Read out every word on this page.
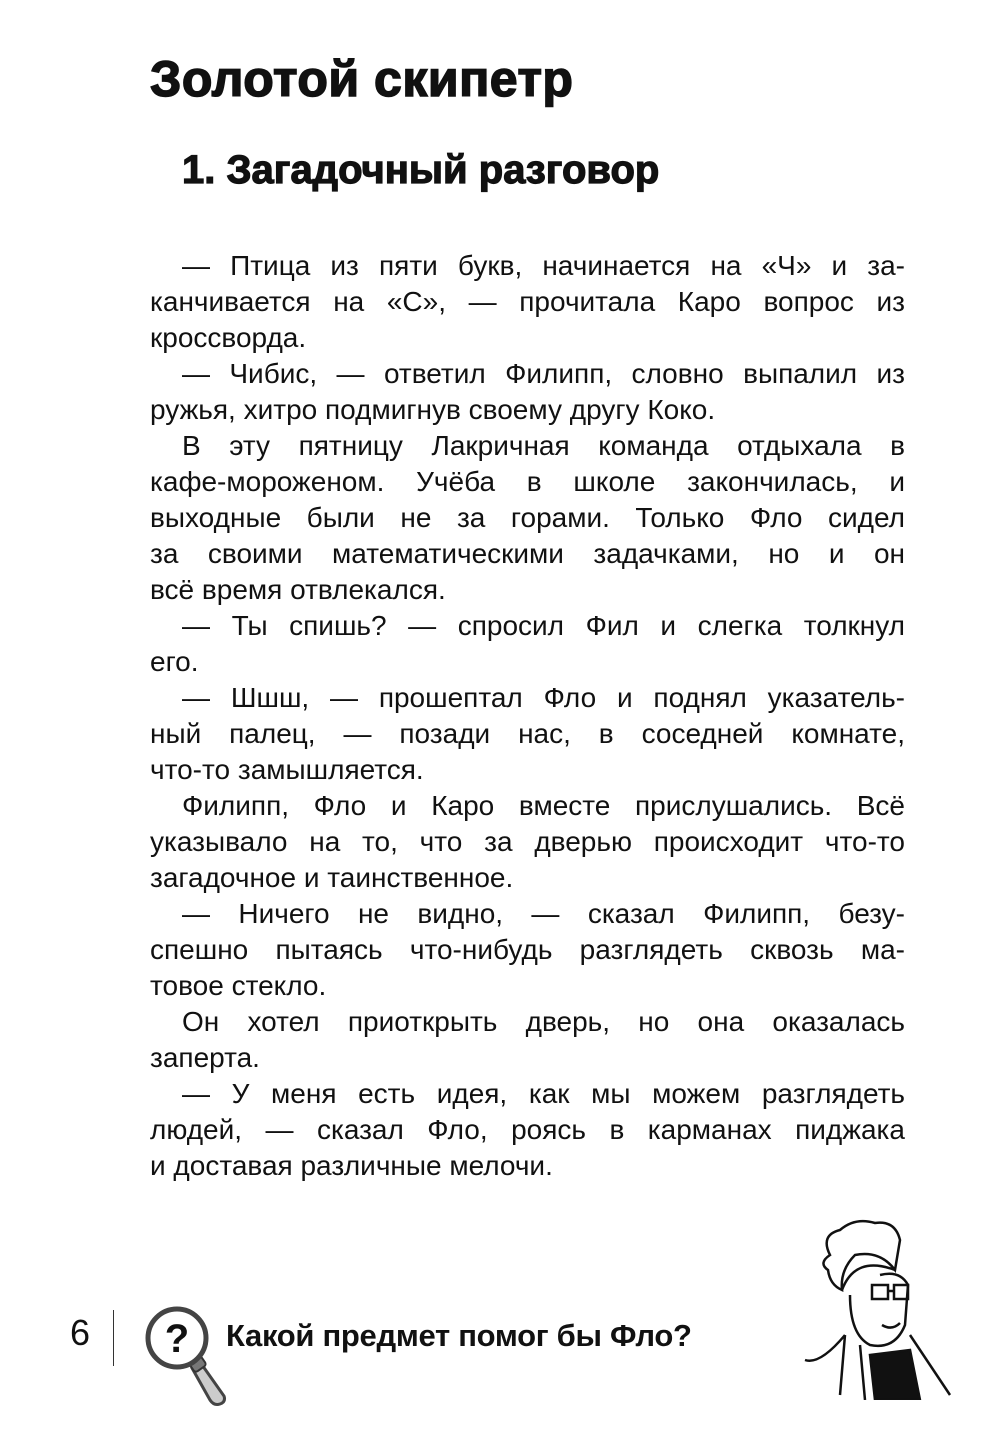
Золотой скипетр
1. Загадочный разговор
— Птица из пяти букв, начинается на «Ч» и за-
канчивается на «С», — прочитала Каро вопрос из
кроссворда.
— Чибис, — ответил Филипп, словно выпалил из
ружья, хитро подмигнув своему другу Коко.
В эту пятницу Лакричная команда отдыхала в
кафе-мороженом. Учёба в школе закончилась, и
выходные были не за горами. Только Фло сидел
за своими математическими задачками, но и он
всё время отвлекался.
— Ты спишь? — спросил Фил и слегка толкнул
его.
— Шшш, — прошептал Фло и поднял указатель-
ный палец, — позади нас, в соседней комнате,
что-то замышляется.
Филипп, Фло и Каро вместе прислушались. Всё
указывало на то, что за дверью происходит что-то
загадочное и таинственное.
— Ничего не видно, — сказал Филипп, безу-
спешно пытаясь что-нибудь разглядеть сквозь ма-
товое стекло.
Он хотел приоткрыть дверь, но она оказалась
заперта.
— У меня есть идея, как мы можем разглядеть
людей, — сказал Фло, роясь в карманах пиджака
и доставая различные мелочи.
6 ? Какой предмет помог бы Фло?
